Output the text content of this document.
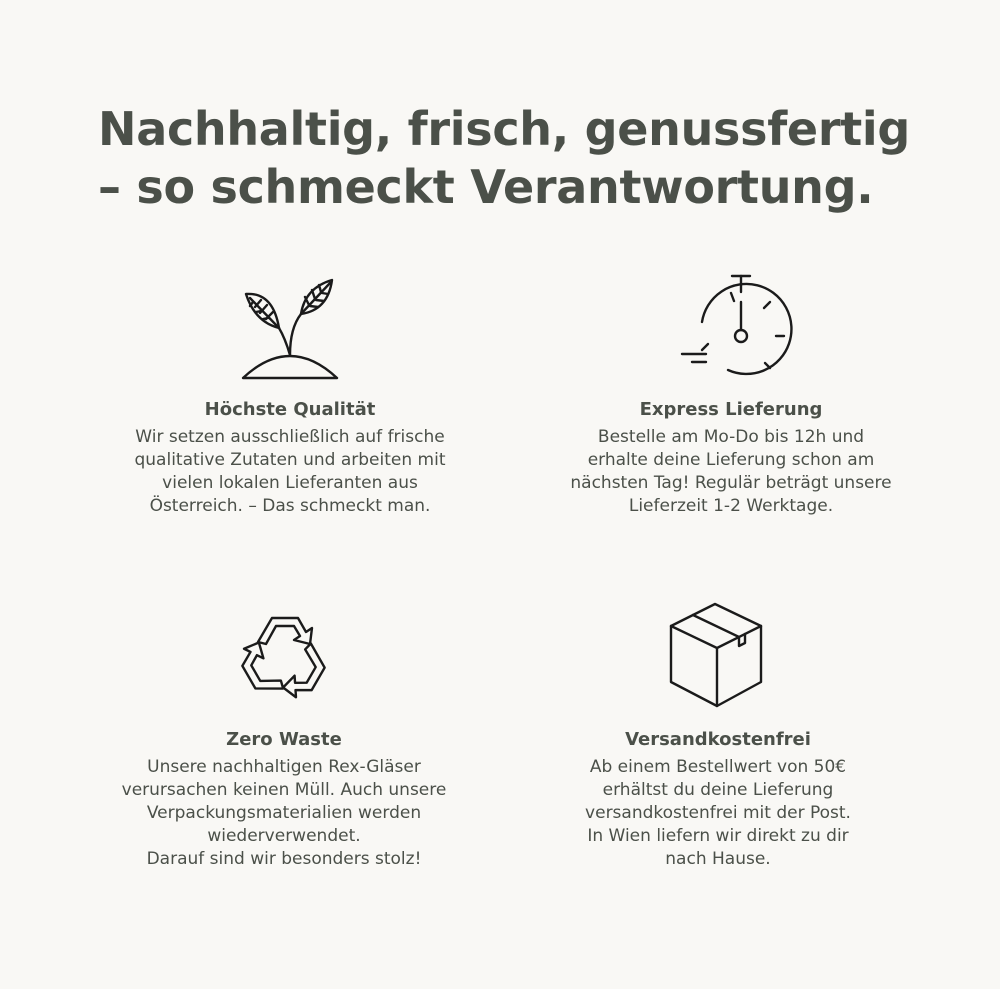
Nachhaltig, frisch, genussfertig
– so schmeckt Verantwortung.
Höchste Qualität

Wir setzen ausschließlich auf frische
qualitative Zutaten und arbeiten mit
vielen lokalen Lieferanten aus
Österreich. – Das schmeckt man.

Express Lieferung

Bestelle am Mo-Do bis 12h und
erhalte deine Lieferung schon am
nächsten Tag! Regulär beträgt unsere
Lieferzeit 1-2 Werktage.

Zero Waste

Unsere nachhaltigen Rex-Gläser
verursachen keinen Müll. Auch unsere
Verpackungsmaterialien werden
wiederverwendet.
Darauf sind wir besonders stolz!

Versandkostenfrei

Ab einem Bestellwert von 50€
erhältst du deine Lieferung
versandkostenfrei mit der Post.
In Wien liefern wir direkt zu dir
nach Hause.
